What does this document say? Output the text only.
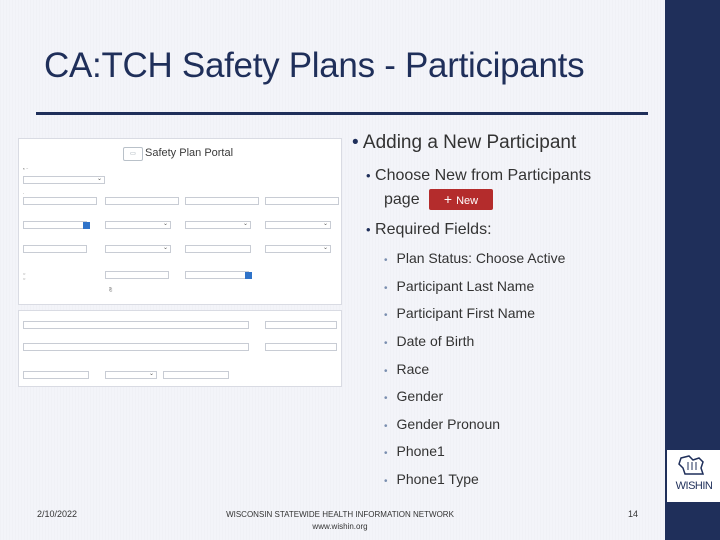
CA:TCH Safety Plans - Participants
▭ Safety Plan Portal
* ⁻
⌄
·
⌄
⌄
⌄
⌄
⌄
○
○
⎘
⌄
• Adding a New Participant
• Choose New from Participants
page	+ New
• Required Fields:
• Plan Status: Choose Active
• Participant Last Name
• Participant First Name
• Date of Birth
• Race
• Gender
• Gender Pronoun
• Phone1
• Phone1 Type
2/10/2022	WISCONSIN STATEWIDE HEALTH INFORMATION NETWORK
www.wishin.org
14
WISHIN
